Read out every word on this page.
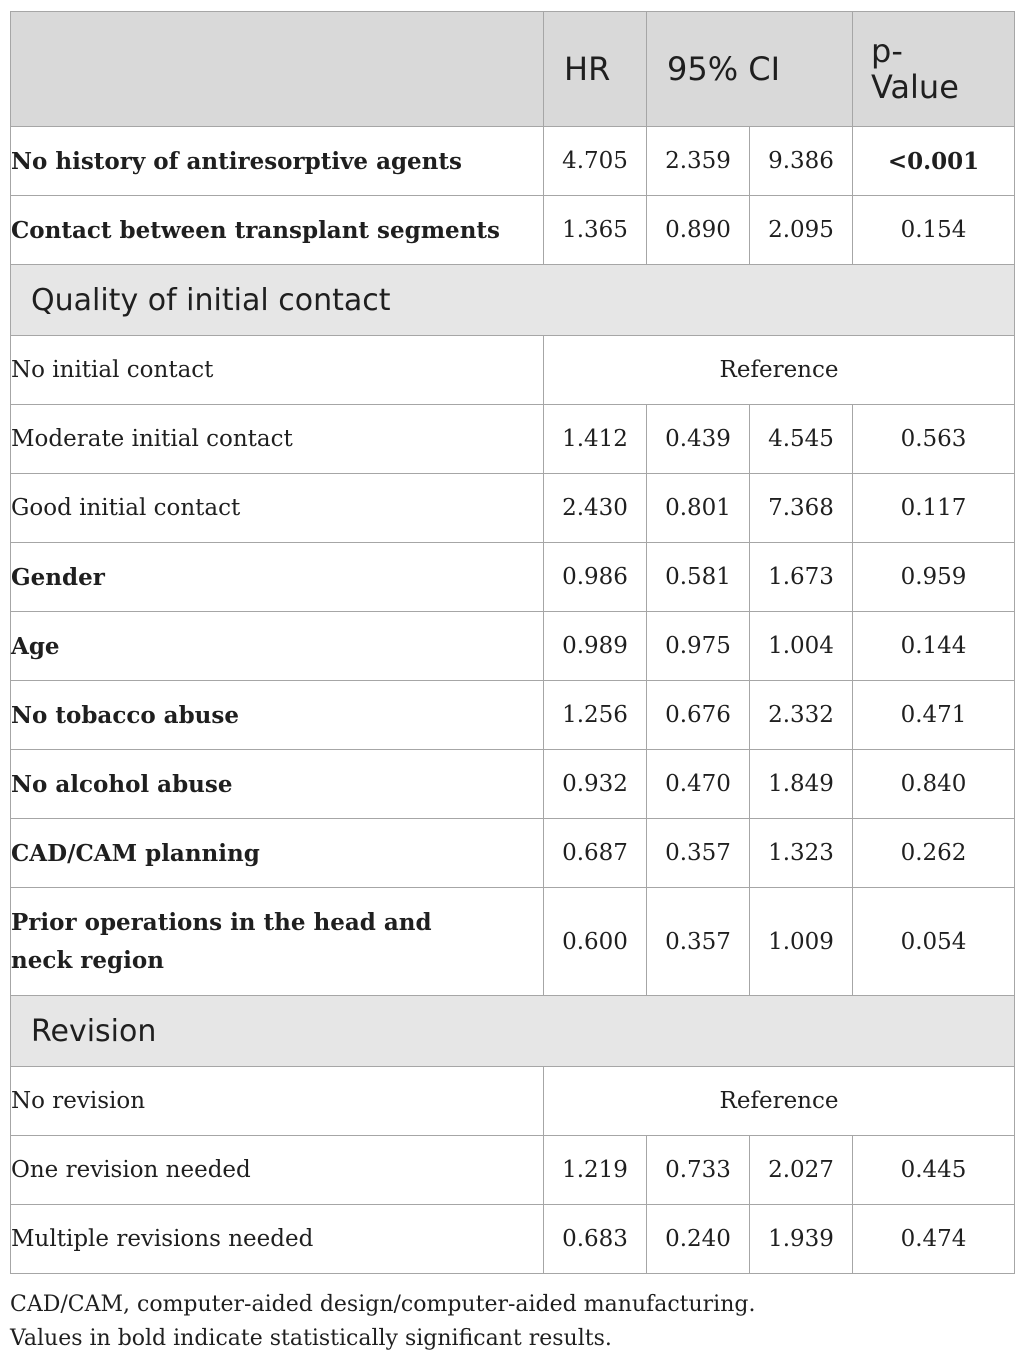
	HR	95% CI		p-
Value
No history of antiresorptive agents	4.705	2.359	9.386	<0.001
Contact between transplant segments	1.365	0.890	2.095	0.154
Quality of initial contact				
No initial contact	Reference			
Moderate initial contact	1.412	0.439	4.545	0.563
Good initial contact	2.430	0.801	7.368	0.117
Gender	0.986	0.581	1.673	0.959
Age	0.989	0.975	1.004	0.144
No tobacco abuse	1.256	0.676	2.332	0.471
No alcohol abuse	0.932	0.470	1.849	0.840
CAD/CAM planning	0.687	0.357	1.323	0.262
Prior operations in the head and
neck region	0.600	0.357	1.009	0.054
Revision				
No revision	Reference			
One revision needed	1.219	0.733	2.027	0.445
Multiple revisions needed	0.683	0.240	1.939	0.474
CAD/CAM, computer-aided design/computer-aided manufacturing.
Values in bold indicate statistically significant results.
